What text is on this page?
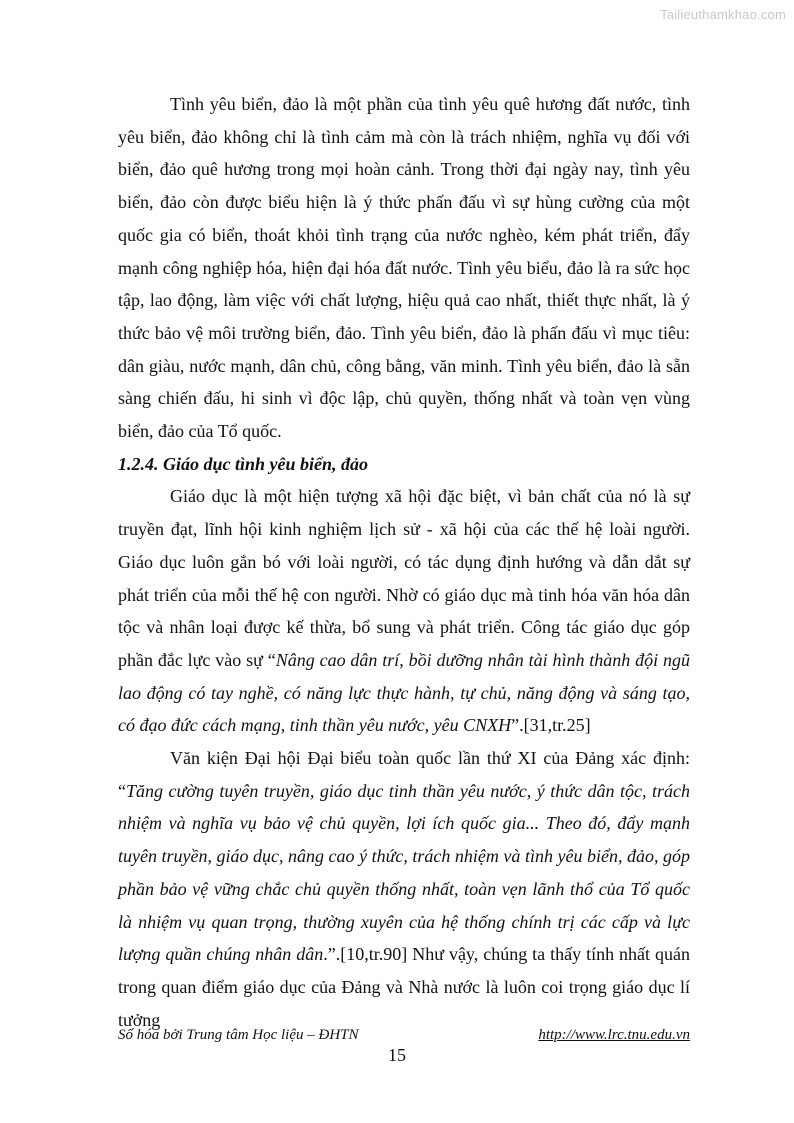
Tailieuthamkhao.com

Tình yêu biển, đảo là một phần của tình yêu quê hương đất nước, tình yêu biển, đảo không chỉ là tình cảm mà còn là trách nhiệm, nghĩa vụ đối với biển, đảo quê hương trong mọi hoàn cảnh. Trong thời đại ngày nay, tình yêu biển, đảo còn được biểu hiện là ý thức phấn đấu vì sự hùng cường của một quốc gia có biển, thoát khỏi tình trạng của nước nghèo, kém phát triển, đẩy mạnh công nghiệp hóa, hiện đại hóa đất nước. Tình yêu biểu, đảo là ra sức học tập, lao động, làm việc với chất lượng, hiệu quả cao nhất, thiết thực nhất, là ý thức bảo vệ môi trường biển, đảo. Tình yêu biển, đảo là phấn đấu vì mục tiêu: dân giàu, nước mạnh, dân chủ, công bằng, văn minh. Tình yêu biển, đảo là sẵn sàng chiến đấu, hi sinh vì độc lập, chủ quyền, thống nhất và toàn vẹn vùng biển, đảo của Tổ quốc.

1.2.4. Giáo dục tình yêu biển, đảo

Giáo dục là một hiện tượng xã hội đặc biệt, vì bản chất của nó là sự truyền đạt, lĩnh hội kinh nghiệm lịch sử - xã hội của các thế hệ loài người. Giáo dục luôn gắn bó với loài người, có tác dụng định hướng và dẫn dắt sự phát triển của mỗi thế hệ con người. Nhờ có giáo dục mà tinh hóa văn hóa dân tộc và nhân loại được kế thừa, bổ sung và phát triển. Công tác giáo dục góp phần đắc lực vào sự “Nâng cao dân trí, bồi dưỡng nhân tài hình thành đội ngũ lao động có tay nghề, có năng lực thực hành, tự chủ, năng động và sáng tạo, có đạo đức cách mạng, tinh thần yêu nước, yêu CNXH”.[31,tr.25]

Văn kiện Đại hội Đại biểu toàn quốc lần thứ XI của Đảng xác định: “Tăng cường tuyên truyền, giáo dục tinh thần yêu nước, ý thức dân tộc, trách nhiệm và nghĩa vụ bảo vệ chủ quyền, lợi ích quốc gia... Theo đó, đẩy mạnh tuyên truyền, giáo dục, nâng cao ý thức, trách nhiệm và tình yêu biển, đảo, góp phần bảo vệ vững chắc chủ quyền thống nhất, toàn vẹn lãnh thổ của Tổ quốc là nhiệm vụ quan trọng, thường xuyên của hệ thống chính trị các cấp và lực lượng quần chúng nhân dân.”.[10,tr.90] Như vậy, chúng ta thấy tính nhất quán trong quan điểm giáo dục của Đảng và Nhà nước là luôn coi trọng giáo dục lí tưởng

Số hóa bởi Trung tâm Học liệu – ĐHTN	http://www.lrc.tnu.edu.vn
15
